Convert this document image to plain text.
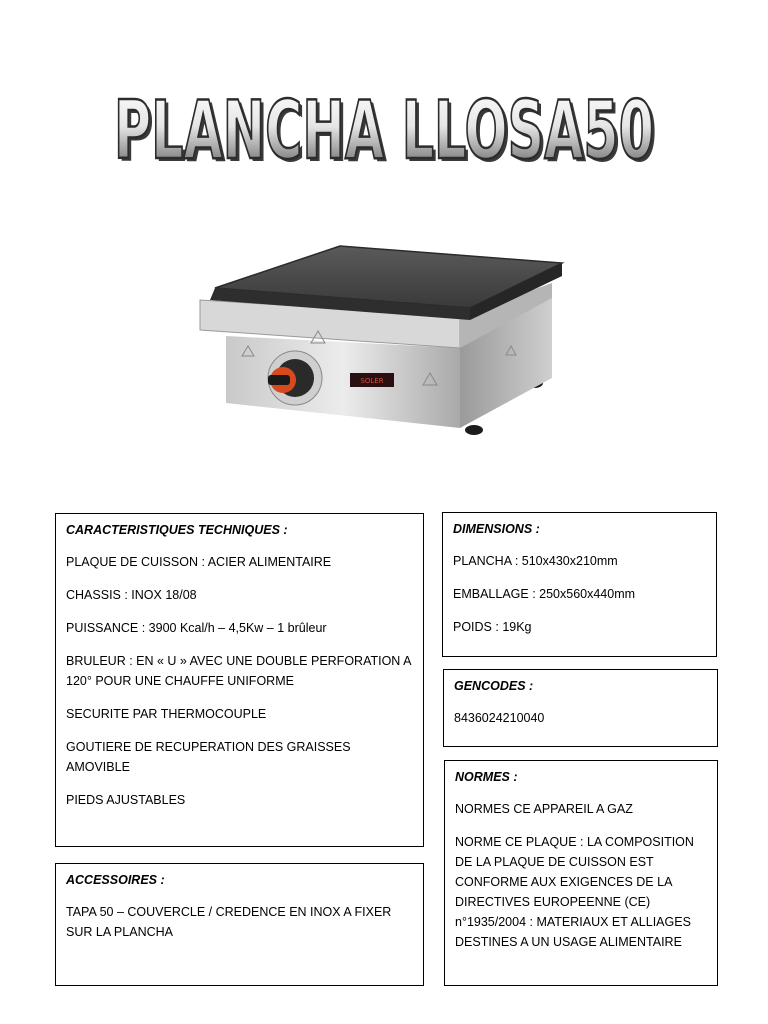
PLANCHA LLOSA50
PLANCHA LLOSA50
SOLER
CARACTERISTIQUES TECHNIQUES :

PLAQUE DE CUISSON : ACIER ALIMENTAIRE

CHASSIS : INOX 18/08

PUISSANCE : 3900 Kcal/h – 4,5Kw – 1 brûleur

BRULEUR : EN « U » AVEC UNE DOUBLE PERFORATION A 120° POUR UNE CHAUFFE UNIFORME

SECURITE PAR THERMOCOUPLE

GOUTIERE DE RECUPERATION DES GRAISSES AMOVIBLE

PIEDS AJUSTABLES

ACCESSOIRES :

TAPA 50 – COUVERCLE / CREDENCE EN INOX A FIXER SUR LA PLANCHA

DIMENSIONS :

PLANCHA : 510x430x210mm

EMBALLAGE : 250x560x440mm

POIDS : 19Kg

GENCODES :

8436024210040

NORMES :

NORMES CE APPAREIL A GAZ

NORME CE PLAQUE : LA COMPOSITION DE LA PLAQUE DE CUISSON EST CONFORME AUX EXIGENCES DE LA DIRECTIVES EUROPEENNE (CE) n°1935/2004 : MATERIAUX ET ALLIAGES DESTINES A UN USAGE ALIMENTAIRE
